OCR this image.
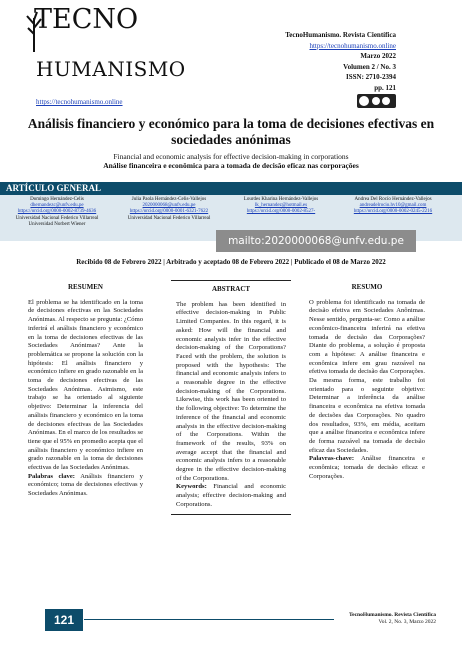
TECNO
HUMANISMO
https://tecnohumanismo.online
TecnoHumanismo. Revista Científica
https://tecnohumanismo.online
Marzo 2022
Volumen 2 / No. 3
ISSN: 2710-2394
pp. 121
Análisis financiero y económico para la toma de decisiones efectivas en sociedades anónimas
Financial and economic analysis for effective decision-making in corporations
Análise financeira e econômica para a tomada de decisão eficaz nas corporações
ARTÍCULO GENERAL
Domingo Hernández-Celis
dhernandezc@unfv.edu.pe
https://orcid.org/0000-0002-8739-4636
Universidad Nacional Federico Villarreal
Universidad Norbert Wiener
Julia Paola Hernández-Celis-Vallejos
2020000068@unfv.edu.pe
https://orcid.org/0000-0001-6321-7622
Universidad Nacional Federico Villarreal
Lourdes Kharina Hernández-Vallejos
lk_hernandez@hotmail.es
https://orcid.org/0000-0002-8527-
Andrea Del Rocío Hernández-Vallejos
andreadelrocio.hv10@gmail.com
https://orcid.org/0000-0002-0245-2216
mailto:2020000068@unfv.edu.pe
Recibido 08 de Febrero 2022 | Arbitrado y aceptado 08 de Febrero 2022 | Publicado el 08 de Marzo 2022
RESUMEN
El problema se ha identificado en la toma de decisiones efectivas en las Sociedades Anónimas. Al respecto se pregunta: ¿Cómo inferirá el análisis financiero y económico en la toma de decisiones efectivas de las Sociedades Anónimas? Ante la problemática se propone la solución con la hipótesis: El análisis financiero y económico infiere en grado razonable en la toma de decisiones efectivas de las Sociedades Anónimas. Asimismo, este trabajo se ha orientado al siguiente objetivo: Determinar la inferencia del análisis financiero y económico en la toma de decisiones efectivas de las Sociedades Anónimas. En el marco de los resultados se tiene que el 95% en promedio acepta que el análisis financiero y económico infiere en grado razonable en la toma de decisiones efectivas de las Sociedades Anónimas.
Palabras clave: Análisis financiero y económico; toma de decisiones efectivas y Sociedades Anónimas.
ABSTRACT
The problem has been identified in effective decision-making in Public Limited Companies. In this regard, it is asked: How will the financial and economic analysis infer in the effective decision-making of the Corporations? Faced with the problem, the solution is proposed with the hypothesis: The financial and economic analysis infers to a reasonable degree in the effective decision-making of the Corporations. Likewise, this work has been oriented to the following objective: To determine the inference of the financial and economic analysis in the effective decision-making of the Corporations. Within the framework of the results, 93% on average accept that the financial and economic analysis infers to a reasonable degree in the effective decision-making of the Corporations.
Keywords: Financial and economic analysis; effective decision-making and Corporations.
RESUMO
O problema foi identificado na tomada de decisão efetiva em Sociedades Anônimas. Nesse sentido, pergunta-se: Como a análise econômico-financeira inferirá na efetiva tomada de decisão das Corporações? Diante do problema, a solução é proposta com a hipótese: A análise financeira e econômica infere em grau razoável na efetiva tomada de decisão das Corporações. Da mesma forma, este trabalho foi orientado para o seguinte objetivo: Determinar a inferência da análise financeira e econômica na efetiva tomada de decisões das Corporações. No quadro dos resultados, 93%, em média, aceitam que a análise financeira e econômica infere de forma razoável na tomada de decisão eficaz das Sociedades.
Palavras-chave: Análise financeira e econômica; tomada de decisão eficaz e Corporações.
121	TecnoHumanismo. Revista Científica
Vol. 2, No. 3, Marzo 2022
